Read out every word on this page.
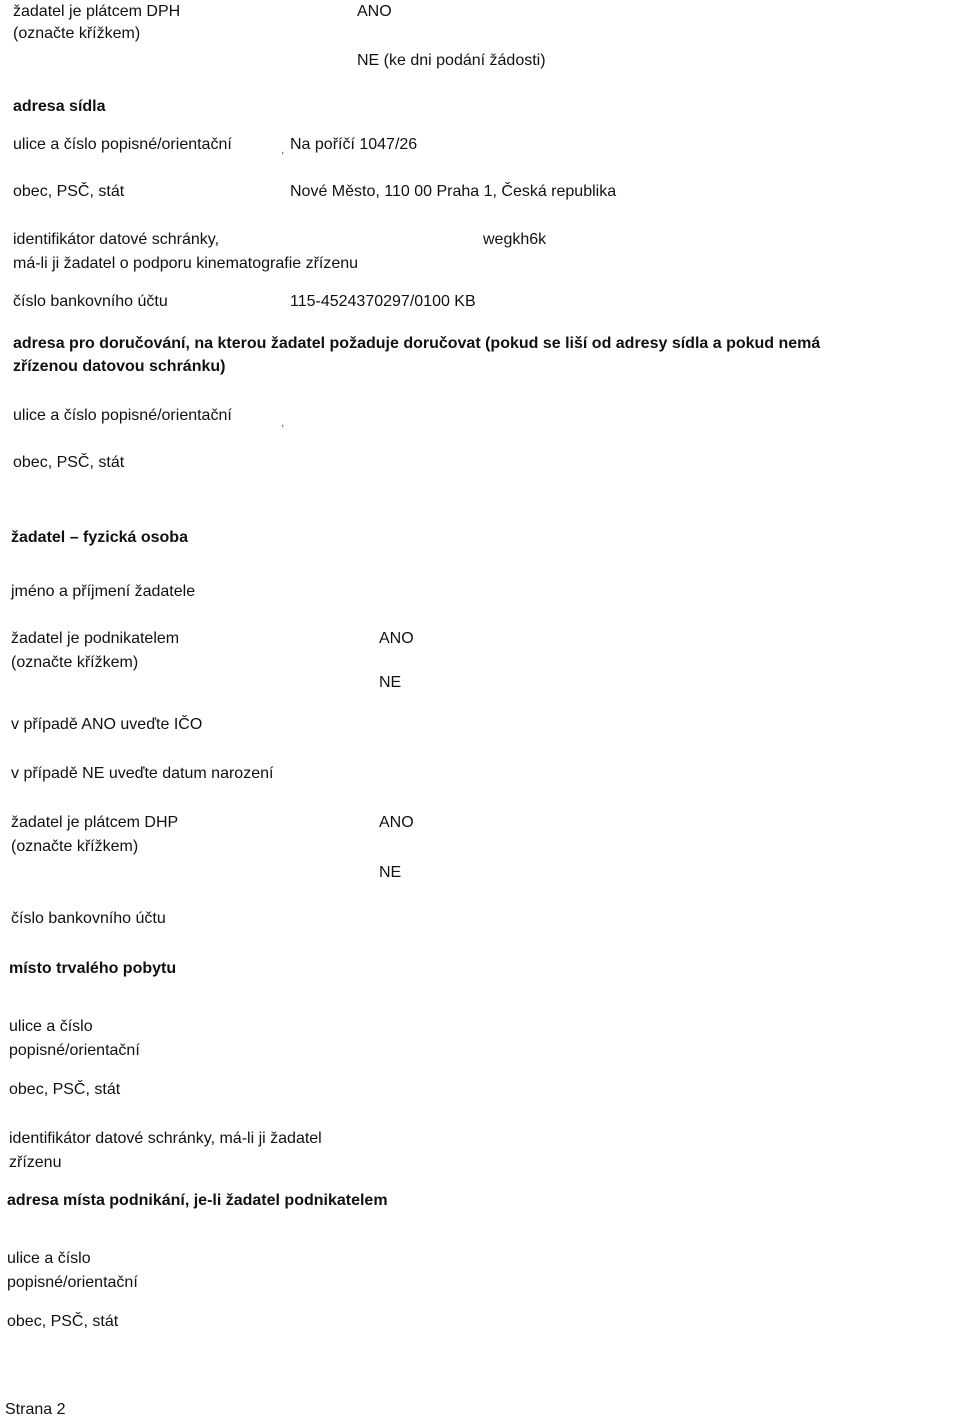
žadatel je plátcem DPH
(označte křížkem)
ANO
NE (ke dni podání žádosti)
adresa sídla
ulice a číslo popisné/orientační	, Na poříčí 1047/26
obec, PSČ, stát	Nové Město, 110 00 Praha 1, Česká republika
identifikátor datové schránky,
má-li ji žadatel o podporu kinematografie zřízenu
wegkh6k
číslo bankovního účtu	115-4524370297/0100 KB
adresa pro doručování, na kterou žadatel požaduje doručovat (pokud se liší od adresy sídla a pokud nemá
zřízenou datovou schránku)
ulice a číslo popisné/orientační	,
obec, PSČ, stát
žadatel – fyzická osoba
jméno a příjmení žadatele
žadatel je podnikatelem
(označte křížkem)
ANO
NE
v případě ANO uveďte IČO
v případě NE uveďte datum narození
žadatel je plátcem DHP
(označte křížkem)
ANO
NE
číslo bankovního účtu
místo trvalého pobytu
ulice a číslo
popisné/orientační
obec, PSČ, stát
identifikátor datové schránky, má-li ji žadatel
zřízenu
adresa místa podnikání, je-li žadatel podnikatelem
ulice a číslo
popisné/orientační
obec, PSČ, stát
Strana 2
